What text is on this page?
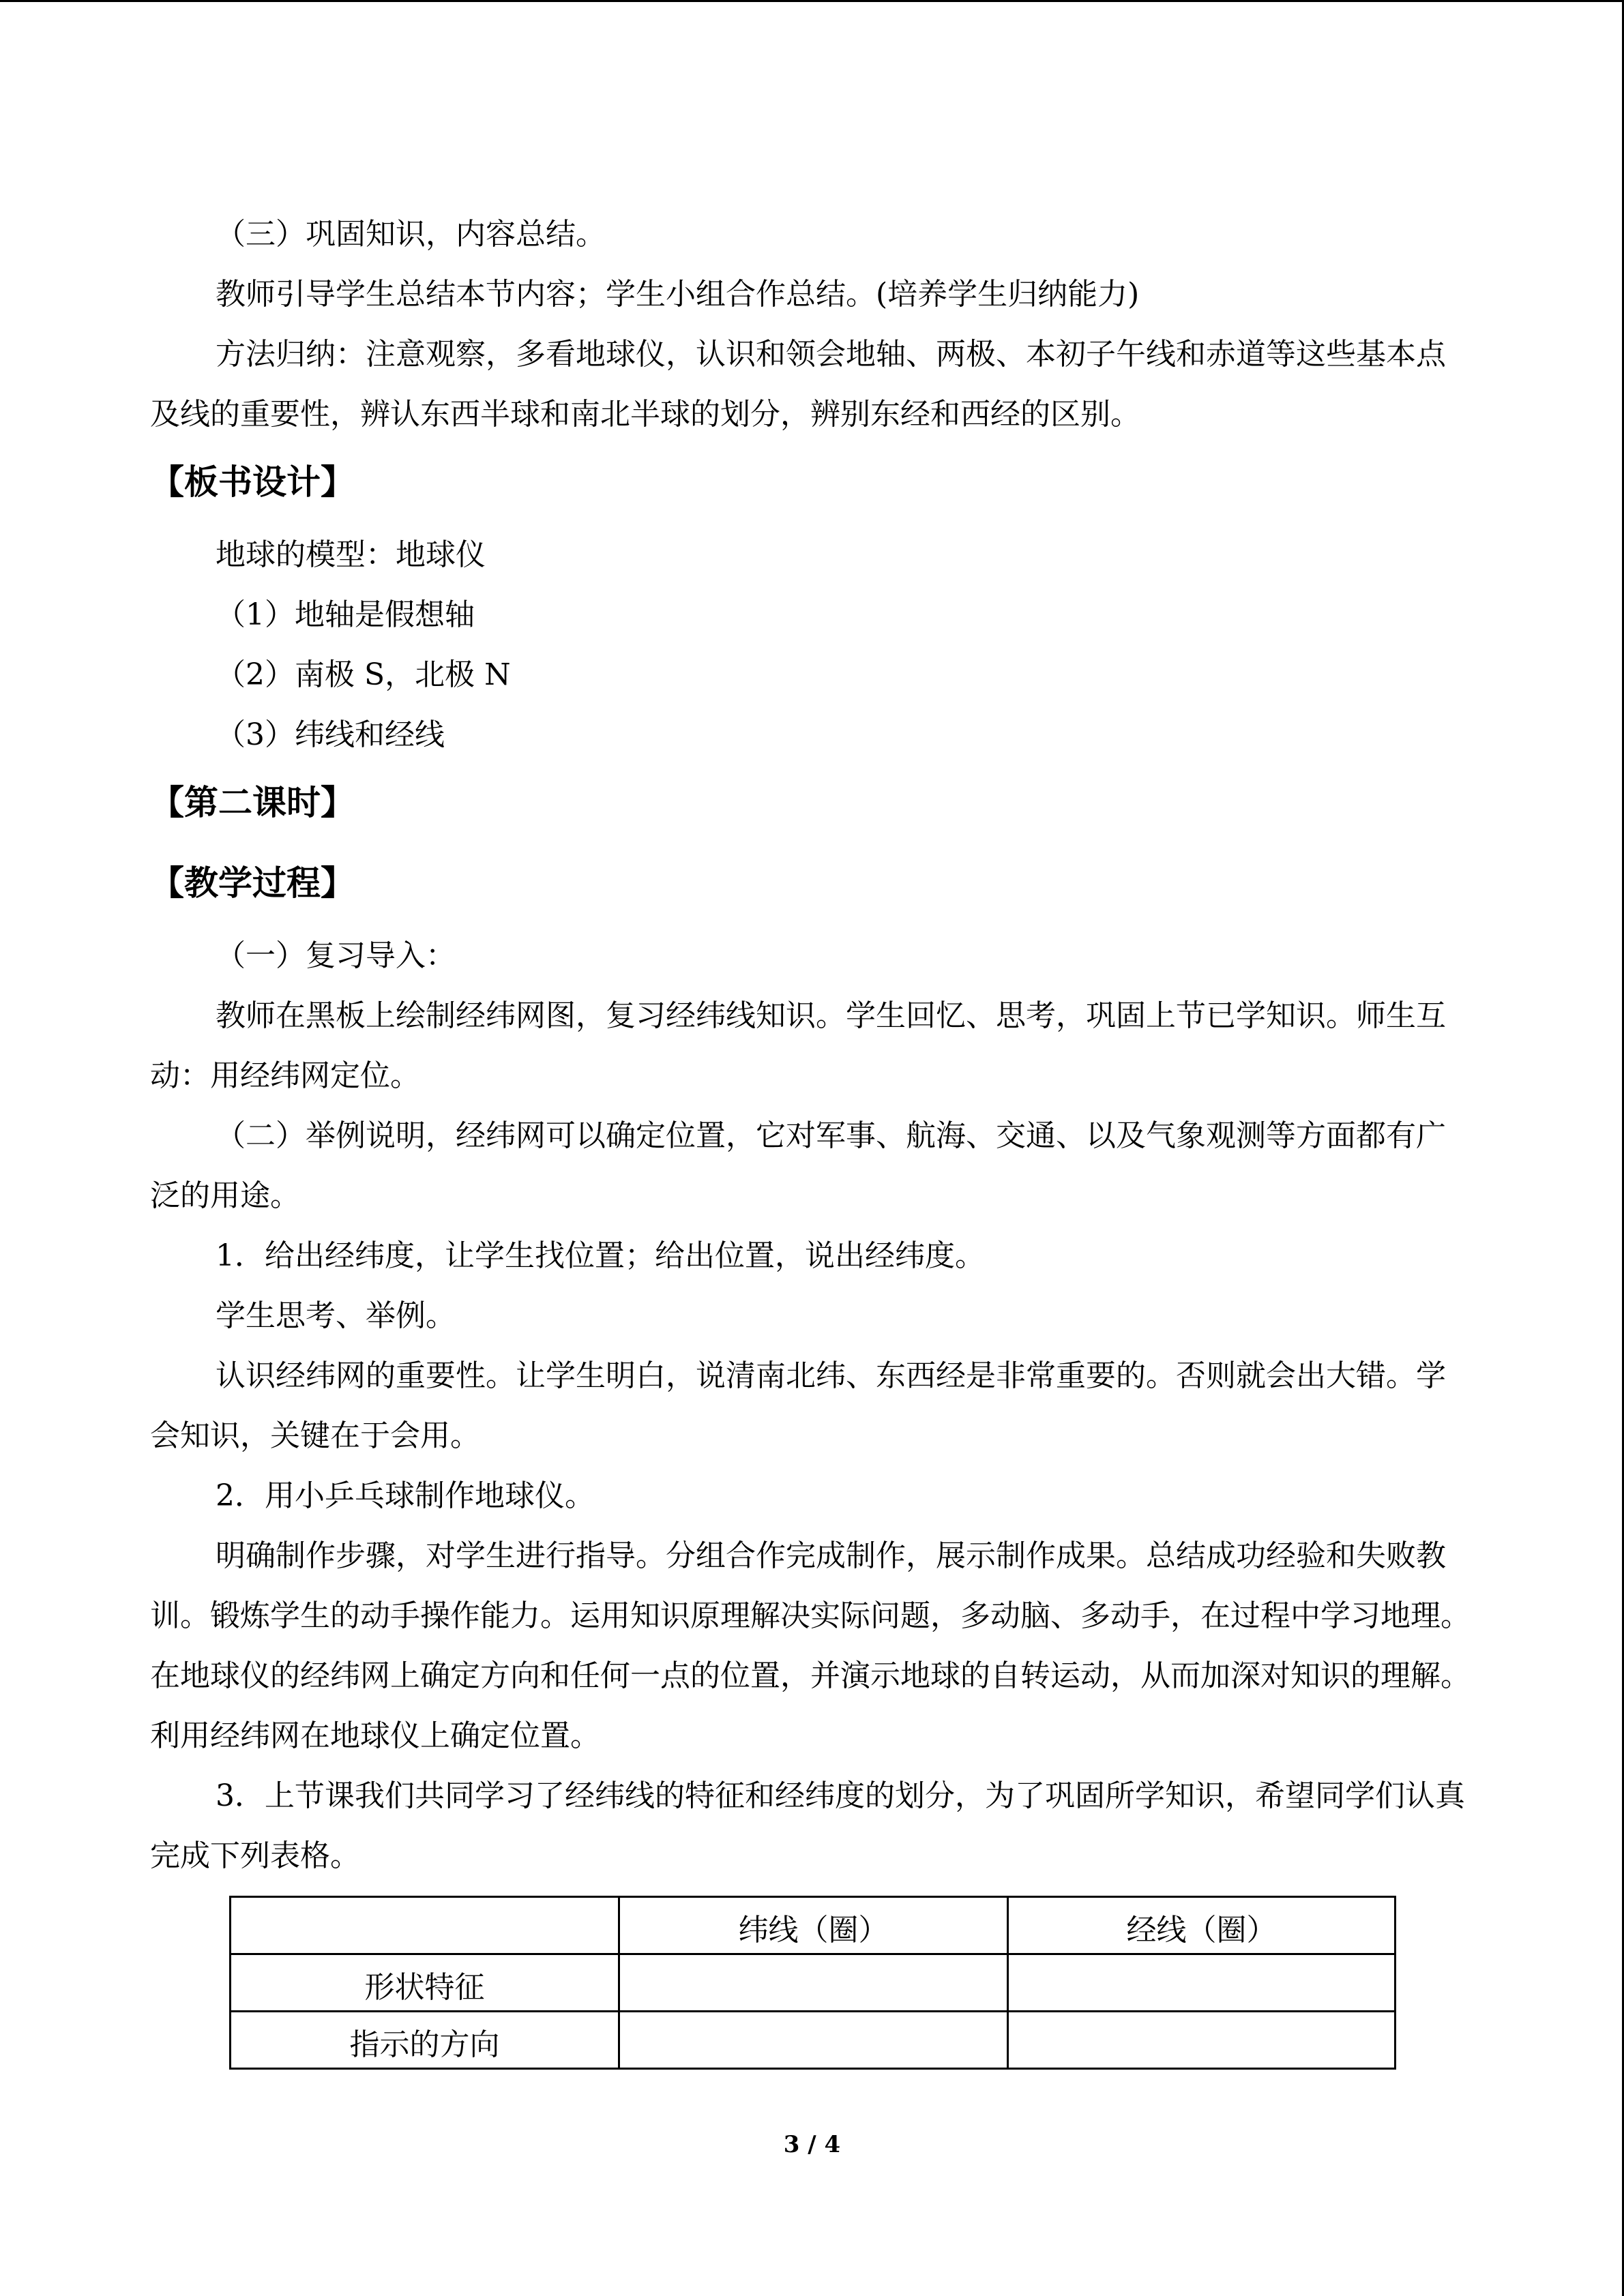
（三）巩固知识，内容总结。

教师引导学生总结本节内容；学生小组合作总结。(培养学生归纳能力)

方法归纳：注意观察，多看地球仪，认识和领会地轴、两极、本初子午线和赤道等这些基本点及线的重要性，辨认东西半球和南北半球的划分，辨别东经和西经的区别。

【板书设计】

地球的模型：地球仪

（1）地轴是假想轴

（2）南极 S，北极 N

（3）纬线和经线

【第二课时】
【教学过程】

（一）复习导入：

教师在黑板上绘制经纬网图，复习经纬线知识。学生回忆、思考，巩固上节已学知识。师生互动：用经纬网定位。

（二）举例说明，经纬网可以确定位置，它对军事、航海、交通、以及气象观测等方面都有广泛的用途。

1．给出经纬度，让学生找位置；给出位置，说出经纬度。

学生思考、举例。

认识经纬网的重要性。让学生明白，说清南北纬、东西经是非常重要的。否则就会出大错。学会知识，关键在于会用。

2．用小乒乓球制作地球仪。

明确制作步骤，对学生进行指导。分组合作完成制作，展示制作成果。总结成功经验和失败教训。锻炼学生的动手操作能力。运用知识原理解决实际问题，多动脑、多动手，在过程中学习地理。在地球仪的经纬网上确定方向和任何一点的位置，并演示地球的自转运动，从而加深对知识的理解。利用经纬网在地球仪上确定位置。

3．上节课我们共同学习了经纬线的特征和经纬度的划分，为了巩固所学知识，希望同学们认真完成下列表格。

	纬线（圈）	经线（圈）
形状特征		
指示的方向		
3 / 4
